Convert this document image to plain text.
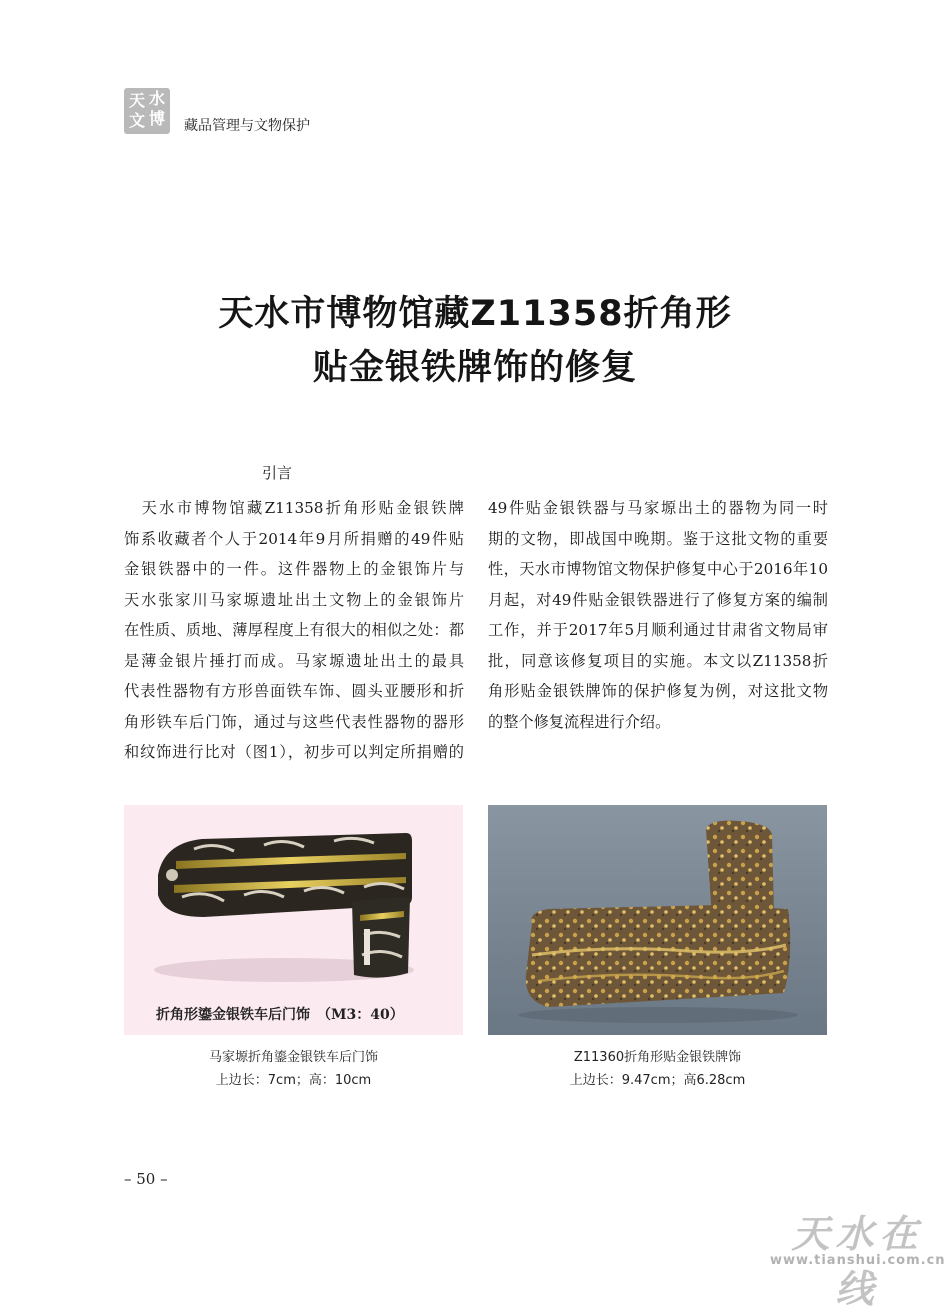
天 水
文 博 藏品管理与文物保护
天水市博物馆藏Z11358折角形
贴金银铁牌饰的修复
引言
　天水市博物馆藏Z11358折角形贴金银铁牌
饰系收藏者个人于2014年9月所捐赠的49件贴
金银铁器中的一件。这件器物上的金银饰片与
天水张家川马家塬遗址出土文物上的金银饰片
在性质、质地、薄厚程度上有很大的相似之处：都
是薄金银片捶打而成。马家塬遗址出土的最具
代表性器物有方形兽面铁车饰、圆头亚腰形和折
角形铁车后门饰，通过与这些代表性器物的器形
和纹饰进行比对（图1），初步可以判定所捐赠的
49件贴金银铁器与马家塬出土的器物为同一时
期的文物，即战国中晚期。鉴于这批文物的重要
性，天水市博物馆文物保护修复中心于2016年10
月起，对49件贴金银铁器进行了修复方案的编制
工作，并于2017年5月顺利通过甘肃省文物局审
批，同意该修复项目的实施。本文以Z11358折
角形贴金银铁牌饰的保护修复为例，对这批文物
的整个修复流程进行介绍。
折角形鎏金银铁车后门饰　（M3：40）
马家塬折角鎏金银铁车后门饰
上边长：7cm；高：10cm
Z11360折角形贴金银铁牌饰
上边长：9.47cm；高6.28cm
– 50 –
天水在线
www.tianshui.com.cn
